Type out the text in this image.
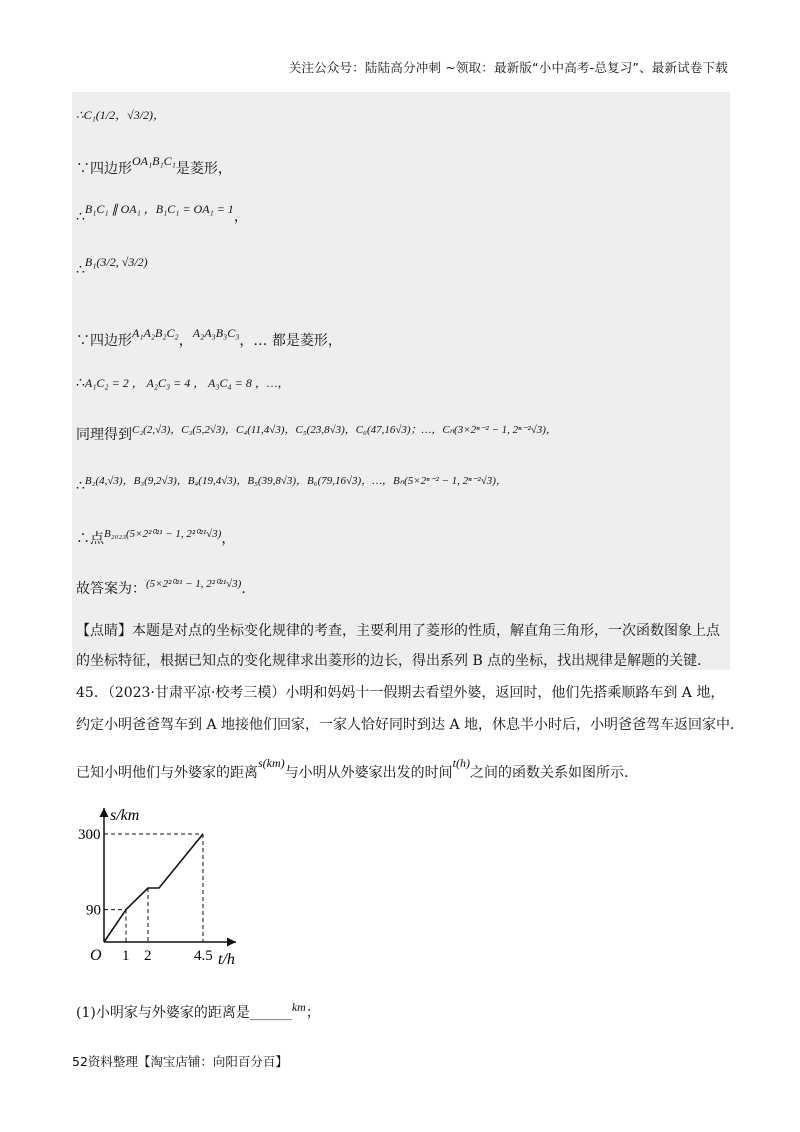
关注公众号：陆陆高分冲刺 ~领取：最新版“小中高考-总复习”、最新试卷下载
∴C₁(1/2，√3/2)，
∵四边形OA₁B₁C₁是菱形，
∴B₁C₁ ∥ OA₁ ，B₁C₁ = OA₁ = 1，
∴B₁(3/2, √3/2)
∵四边形A₁A₂B₂C₂，A₂A₃B₃C₃，… 都是菱形，
∴A₁C₂ = 2 ， A₂C₃ = 4 ， A₃C₄ = 8 ，…，
同理得到$^{C_2(2,√3),C_3(5,2√3),C_4(11,4√3),C_5(23,8√3),C_6(47,16√3);\dots,C_n(3\times 2^{n-2} - 1, 2^{n-2}√3),}$
∴$^{B_2(4,√3),B_3(9,2√3),B_4(19,4√3),B_5(39,8√3),B_6(79,16√3),\dots,B_n(5\times 2^{n-2} - 1, 2^{n-2}√3),}$
∴点$^{B_{2023}(5\times 2^{2021} - 1, 2^{2021}√3)}$，
故答案为：$^{(5\times 2^{2021} - 1, 2^{2021}√3)}$．
【点睛】本题是对点的坐标变化规律的考查，主要利用了菱形的性质，解直角三角形，一次函数图象上点
的坐标特征，根据已知点的变化规律求出菱形的边长，得出系列 B 点的坐标，找出规律是解题的关键．
45．（2023·甘肃平凉·校考三模）小明和妈妈十一假期去看望外婆，返回时，他们先搭乘顺路车到 A 地，
约定小明爸爸驾车到 A 地接他们回家，一家人恰好同时到达 A 地，休息半小时后，小明爸爸驾车返回家中．
已知小明他们与外婆家的距离s(km)与小明从外婆家出发的时间t(h)之间的函数关系如图所示．
s/km
t/h
O 1 2	4.5
90
300
(1)小明家与外婆家的距离是______km；
52资料整理【淘宝店铺：向阳百分百】
